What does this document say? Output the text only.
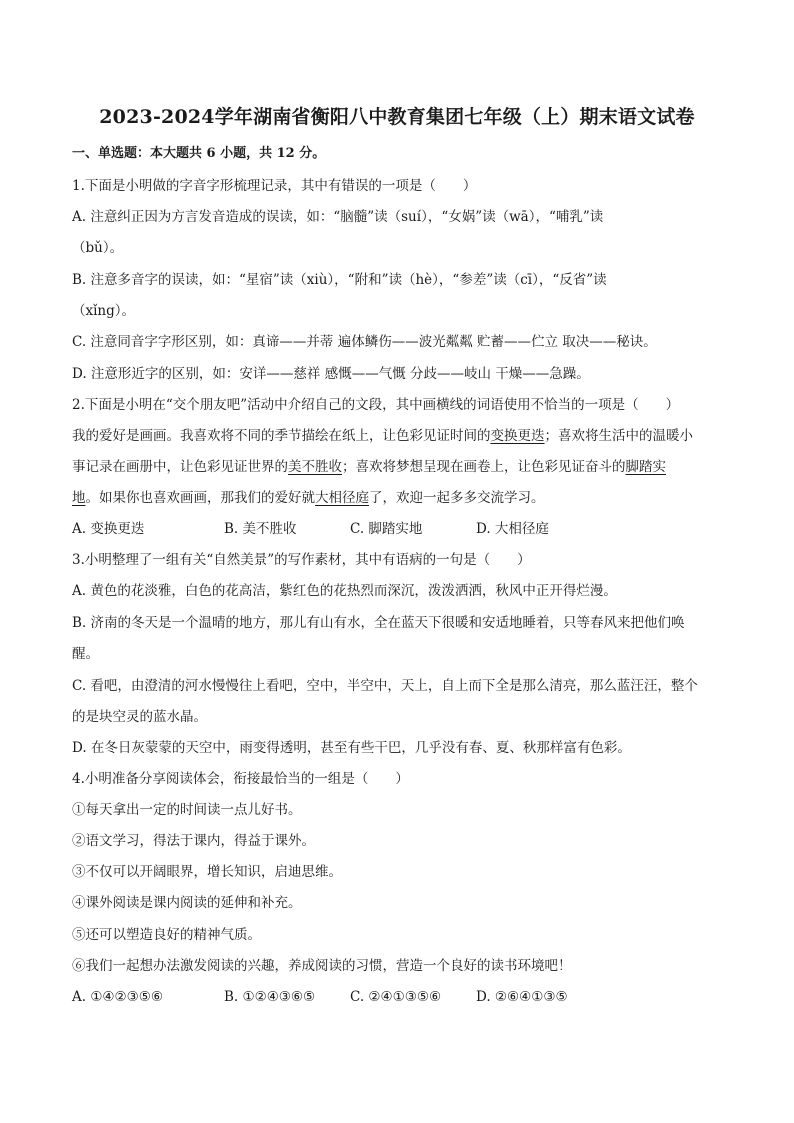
2023-2024学年湖南省衡阳八中教育集团七年级（上）期末语文试卷
一、单选题：本大题共 6 小题，共 12 分。
1.下面是小明做的字音字形梳理记录，其中有错误的一项是（　　）
A. 注意纠正因为方言发音造成的误读，如：“脑髓”读（suí），“女娲”读（wā），“哺乳”读
（bǔ）。
B. 注意多音字的误读，如：“星宿”读（xiù），“附和”读（hè），“参差”读（cī），“反省”读
（xǐng）。
C. 注意同音字字形区别，如：真谛——并蒂 遍体鳞伤——波光粼粼 贮蓄——伫立 取决——秘诀。
D. 注意形近字的区别，如：安详——慈祥 感慨——气慨 分歧——岐山 干燥——急躁。
2.下面是小明在“交个朋友吧”活动中介绍自己的文段，其中画横线的词语使用不恰当的一项是（　　）
我的爱好是画画。我喜欢将不同的季节描绘在纸上，让色彩见证时间的变换更迭；喜欢将生活中的温暖小
事记录在画册中，让色彩见证世界的美不胜收；喜欢将梦想呈现在画卷上，让色彩见证奋斗的脚踏实
地。如果你也喜欢画画，那我们的爱好就大相径庭了，欢迎一起多多交流学习。
A. 变换更迭	B. 美不胜收	C. 脚踏实地	D. 大相径庭
3.小明整理了一组有关“自然美景”的写作素材，其中有语病的一句是（　　）
A. 黄色的花淡雅，白色的花高洁，紫红色的花热烈而深沉，泼泼洒洒，秋风中正开得烂漫。
B. 济南的冬天是一个温晴的地方，那儿有山有水，全在蓝天下很暖和安适地睡着，只等春风来把他们唤
醒。
C. 看吧，由澄清的河水慢慢往上看吧，空中，半空中，天上，自上而下全是那么清亮，那么蓝汪汪，整个
的是块空灵的蓝水晶。
D. 在冬日灰蒙蒙的天空中，雨变得透明，甚至有些干巴，几乎没有春、夏、秋那样富有色彩。
4.小明准备分享阅读体会，衔接最恰当的一组是（　　）
①每天拿出一定的时间读一点儿好书。
②语文学习，得法于课内，得益于课外。
③不仅可以开阔眼界，增长知识，启迪思维。
④课外阅读是课内阅读的延伸和补充。
⑤还可以塑造良好的精神气质。
⑥我们一起想办法激发阅读的兴趣，养成阅读的习惯，营造一个良好的读书环境吧！
A. ①④②③⑤⑥	B. ①②④③⑥⑤	C. ②④①③⑤⑥	D. ②⑥④①③⑤
